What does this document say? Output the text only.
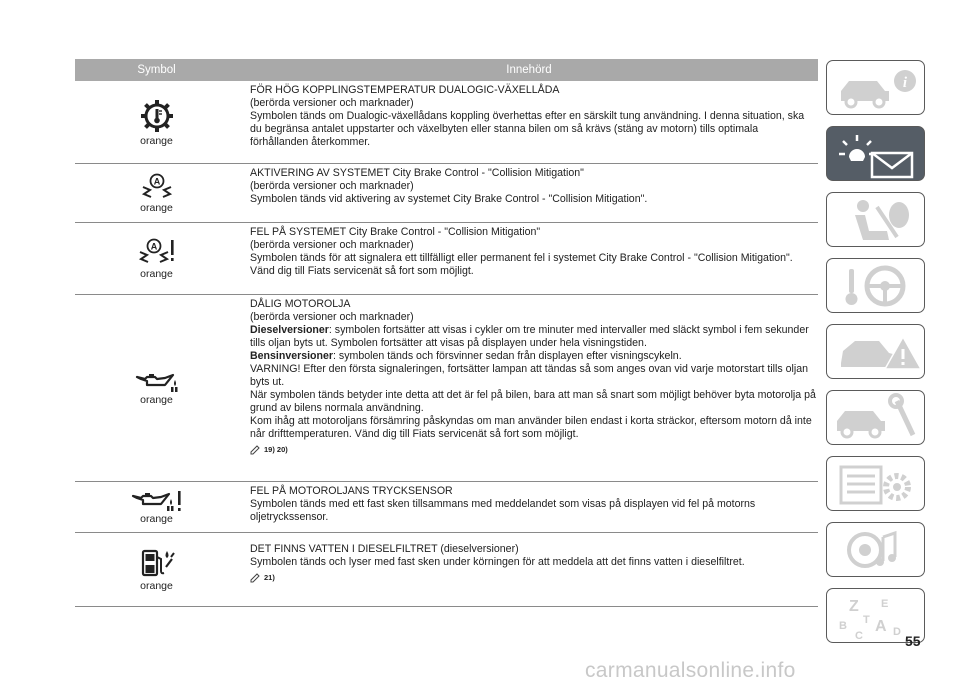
Symbol	Innehörd
orange
FÖR HÖG KOPPLINGSTEMPERATUR DUALOGIC-VÄXELLÅDA
(berörda versioner och marknader)
Symbolen tänds om Dualogic-växellådans koppling överhettas efter en särskilt tung användning. I denna situation, ska du begränsa antalet uppstarter och växelbyten eller stanna bilen om så krävs (stäng av motorn) tills optimala förhållanden återkommer.
A
orange
AKTIVERING AV SYSTEMET City Brake Control - "Collision Mitigation"
(berörda versioner och marknader)
Symbolen tänds vid aktivering av systemet City Brake Control - "Collision Mitigation".
A
orange
FEL PÅ SYSTEMET City Brake Control - "Collision Mitigation"
(berörda versioner och marknader)
Symbolen tänds för att signalera ett tillfälligt eller permanent fel i systemet City Brake Control - "Collision Mitigation". Vänd dig till Fiats servicenät så fort som möjligt.
orange
DÅLIG MOTOROLJA
(berörda versioner och marknader)
Dieselversioner: symbolen fortsätter att visas i cykler om tre minuter med intervaller med släckt symbol i fem sekunder tills oljan byts ut. Symbolen fortsätter att visas på displayen under hela visningstiden.
Bensinversioner: symbolen tänds och försvinner sedan från displayen efter visningscykeln.
VARNING! Efter den första signaleringen, fortsätter lampan att tändas så som anges ovan vid varje motorstart tills oljan byts ut.
När symbolen tänds betyder inte detta att det är fel på bilen, bara att man så snart som möjligt behöver byta motorolja på grund av bilens normala användning.
Kom ihåg att motoroljans försämring påskyndas om man använder bilen endast i korta sträckor, eftersom motorn då inte når drifttemperaturen. Vänd dig till Fiats servicenät så fort som möjligt.
19) 20)
orange
FEL PÅ MOTOROLJANS TRYCKSENSOR
Symbolen tänds med ett fast sken tillsammans med meddelandet som visas på displayen vid fel på motorns oljetryckssensor.
orange
DET FINNS VATTEN I DIESELFILTRET (dieselversioner)
Symbolen tänds och lyser med fast sken under körningen för att meddela att det finns vatten i dieselfiltret.
21)
i
Z E
B
C
A D
T
55
carmanualsonline.info
